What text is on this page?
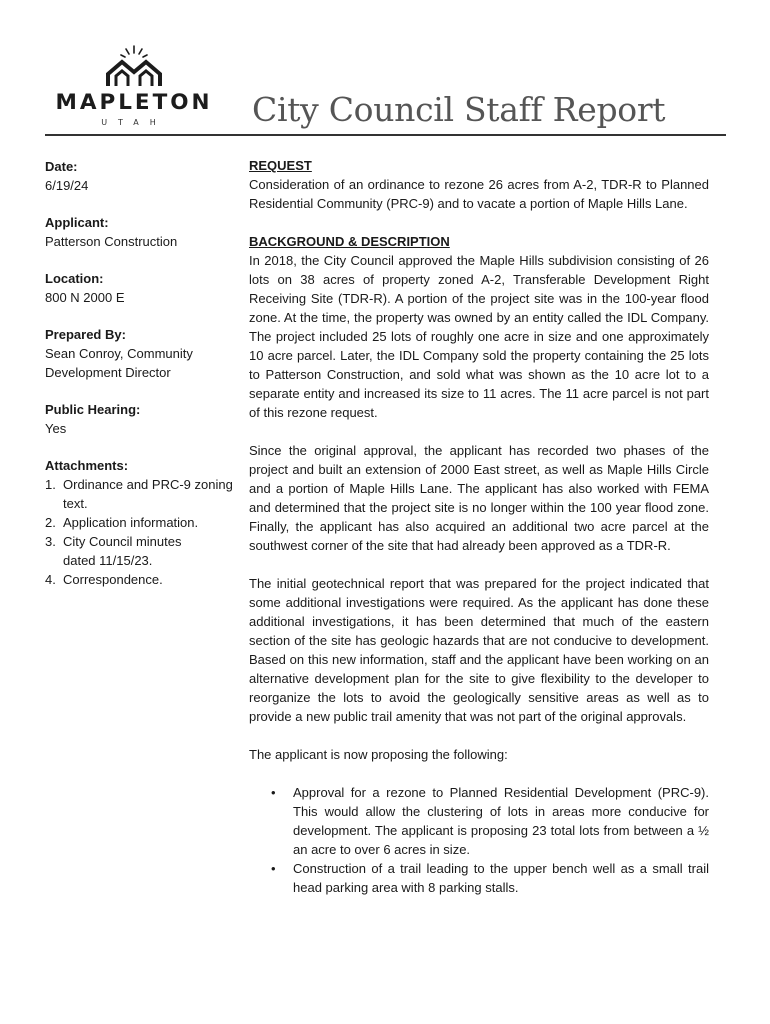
MAPLETON
UTAH	City Council Staff Report
Date:
6/19/24
Applicant:
Patterson Construction
Location:
800 N 2000 E
Prepared By:
Sean Conroy, Community
Development Director
Public Hearing:
Yes
Attachments:
1. Ordinance and PRC-9 zoning
text.
2. Application information.
3. City Council minutes
dated 11/15/23.
4. Correspondence.
REQUEST

Consideration of an ordinance to rezone 26 acres from A-2, TDR-R to Planned Residential Community (PRC-9) and to vacate a portion of Maple Hills Lane.

BACKGROUND & DESCRIPTION

In 2018, the City Council approved the Maple Hills subdivision consisting of 26 lots on 38 acres of property zoned A-2, Transferable Development Right Receiving Site (TDR-R). A portion of the project site was in the 100-year flood zone. At the time, the property was owned by an entity called the IDL Company. The project included 25 lots of roughly one acre in size and one approximately 10 acre parcel. Later, the IDL Company sold the property containing the 25 lots to Patterson Construction, and sold what was shown as the 10 acre lot to a separate entity and increased its size to 11 acres. The 11 acre parcel is not part of this rezone request.

Since the original approval, the applicant has recorded two phases of the project and built an extension of 2000 East street, as well as Maple Hills Circle and a portion of Maple Hills Lane. The applicant has also worked with FEMA and determined that the project site is no longer within the 100 year flood zone. Finally, the applicant has also acquired an additional two acre parcel at the southwest corner of the site that had already been approved as a TDR-R.

The initial geotechnical report that was prepared for the project indicated that some additional investigations were required. As the applicant has done these additional investigations, it has been determined that much of the eastern section of the site has geologic hazards that are not conducive to development. Based on this new information, staff and the applicant have been working on an alternative development plan for the site to give flexibility to the developer to reorganize the lots to avoid the geologically sensitive areas as well as to provide a new public trail amenity that was not part of the original approvals.

The applicant is now proposing the following:

• Approval for a rezone to Planned Residential Development (PRC-9). This would allow the clustering of lots in areas more conducive for development. The applicant is proposing 23 total lots from between a ½ an acre to over 6 acres in size.
• Construction of a trail leading to the upper bench well as a small trail head parking area with 8 parking stalls.
